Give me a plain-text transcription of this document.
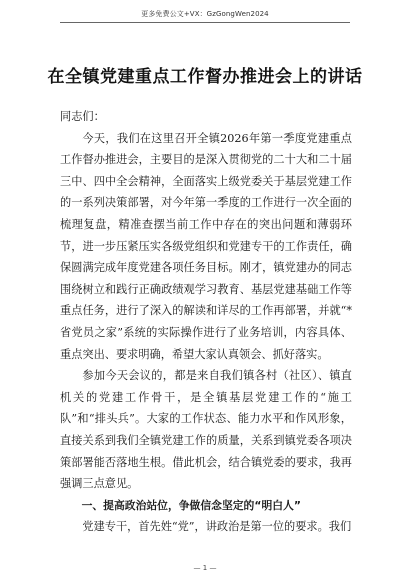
更多免费公文+VX：GzGongWen2024
在全镇党建重点工作督办推进会上的讲话

同志们：

今天，我们在这里召开全镇2026年第一季度党建重点工作督办推进会，主要目的是深入贯彻党的二十大和二十届三中、四中全会精神，全面落实上级党委关于基层党建工作的一系列决策部署，对今年第一季度的工作进行一次全面的梳理复盘，精准查摆当前工作中存在的突出问题和薄弱环节，进一步压紧压实各级党组织和党建专干的工作责任，确保圆满完成年度党建各项任务目标。刚才，镇党建办的同志围绕树立和践行正确政绩观学习教育、基层党建基础工作等重点任务，进行了深入的解读和详尽的工作再部署，并就“*省党员之家”系统的实际操作进行了业务培训，内容具体、重点突出、要求明确，希望大家认真领会、抓好落实。

参加今天会议的，都是来自我们镇各村（社区）、镇直机关的党建工作骨干，是全镇基层党建工作的“施工队”和“排头兵”。大家的工作状态、能力水平和作风形象，直接关系到我们全镇党建工作的质量，关系到镇党委各项决策部署能否落地生根。借此机会，结合镇党委的要求，我再强调三点意见。

一、提高政治站位，争做信念坚定的“明白人”

党建专干，首先姓“党”，讲政治是第一位的要求。我们

— 1 —
